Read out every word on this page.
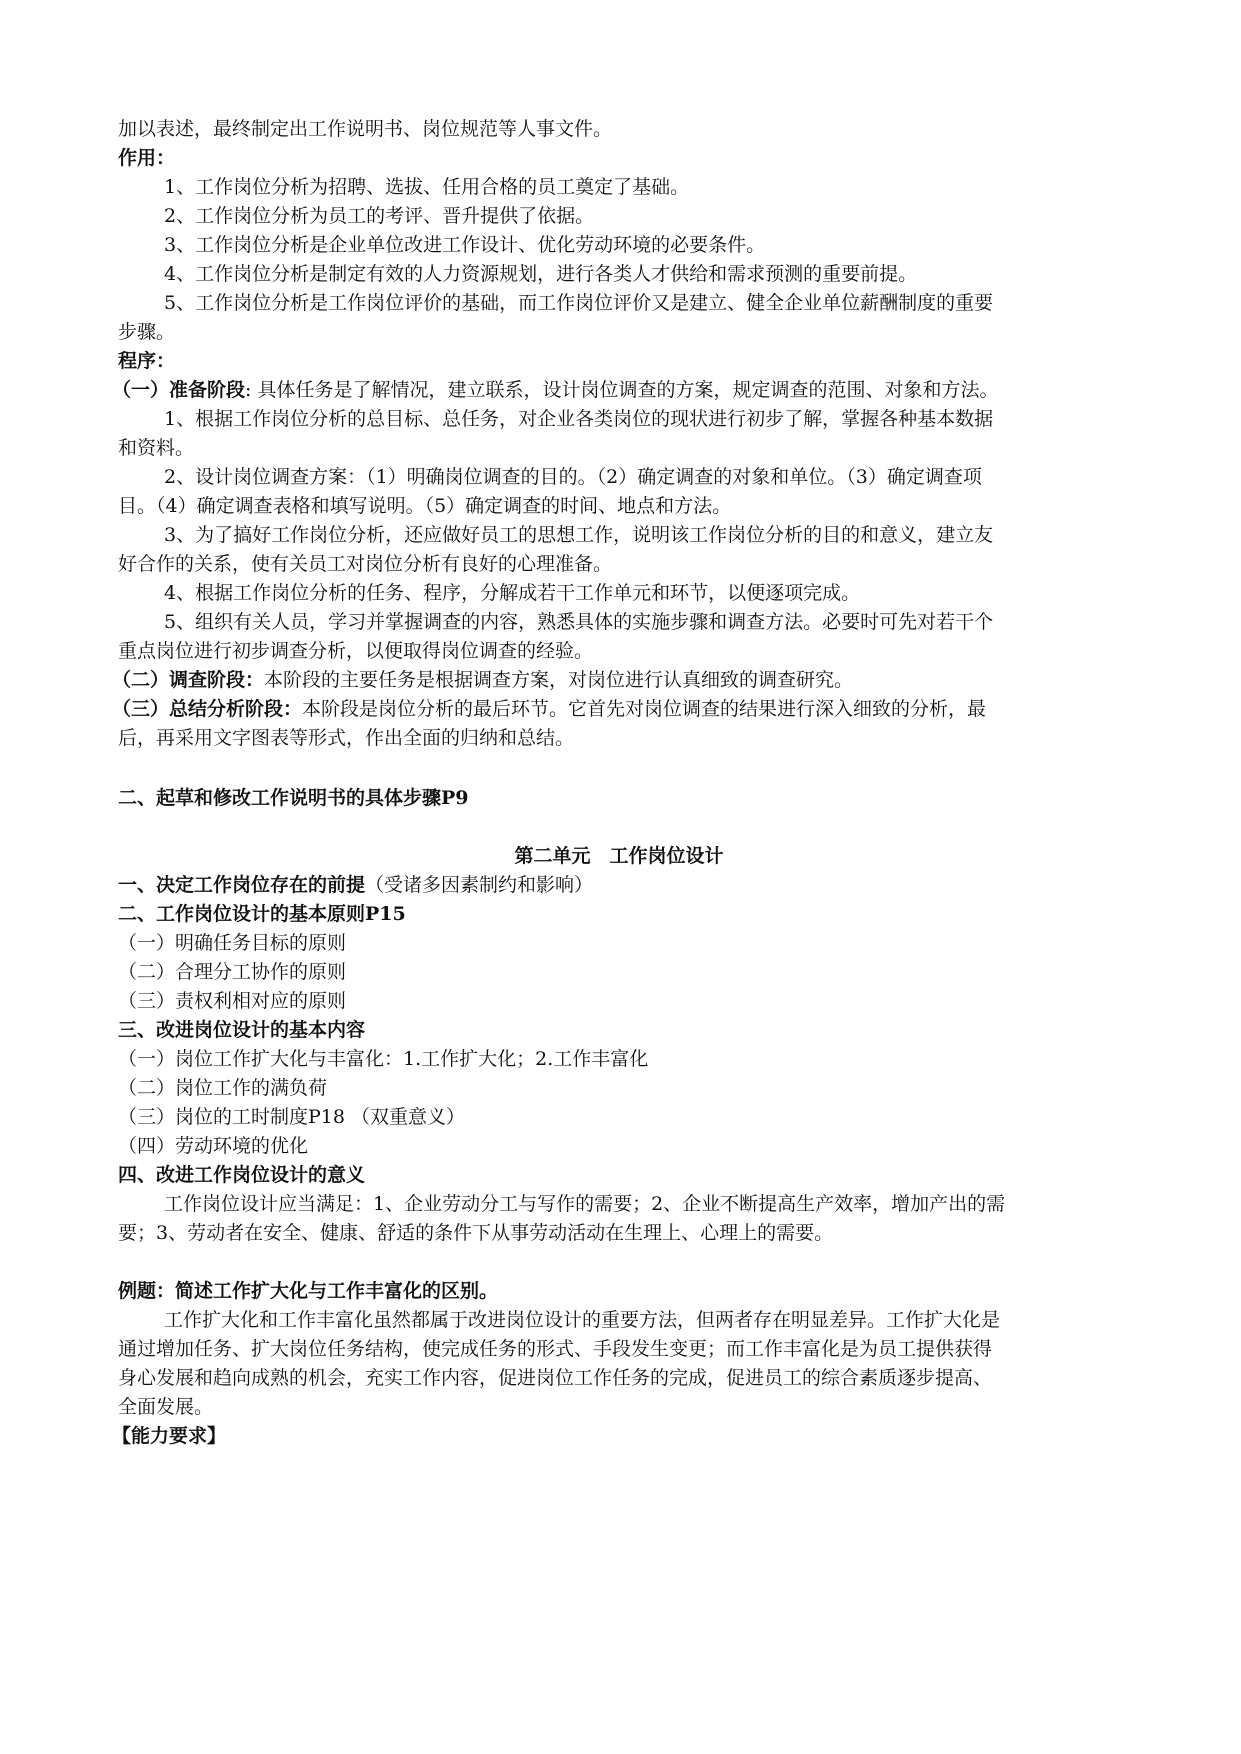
加以表述，最终制定出工作说明书、岗位规范等人事文件。
作用：
1、工作岗位分析为招聘、选拔、任用合格的员工奠定了基础。
2、工作岗位分析为员工的考评、晋升提供了依据。
3、工作岗位分析是企业单位改进工作设计、优化劳动环境的必要条件。
4、工作岗位分析是制定有效的人力资源规划，进行各类人才供给和需求预测的重要前提。
5、工作岗位分析是工作岗位评价的基础，而工作岗位评价又是建立、健全企业单位薪酬制度的重要
步骤。
程序：
（一）准备阶段: 具体任务是了解情况，建立联系，设计岗位调查的方案，规定调查的范围、对象和方法。
1、根据工作岗位分析的总目标、总任务，对企业各类岗位的现状进行初步了解，掌握各种基本数据
和资料。
2、设计岗位调查方案：（1）明确岗位调查的目的。（2）确定调查的对象和单位。（3）确定调查项
目。（4）确定调查表格和填写说明。（5）确定调查的时间、地点和方法。
3、为了搞好工作岗位分析，还应做好员工的思想工作，说明该工作岗位分析的目的和意义，建立友
好合作的关系，使有关员工对岗位分析有良好的心理准备。
4、根据工作岗位分析的任务、程序，分解成若干工作单元和环节，以便逐项完成。
5、组织有关人员，学习并掌握调查的内容，熟悉具体的实施步骤和调查方法。必要时可先对若干个
重点岗位进行初步调查分析，以便取得岗位调查的经验。
（二）调查阶段：本阶段的主要任务是根据调查方案，对岗位进行认真细致的调查研究。
（三）总结分析阶段：本阶段是岗位分析的最后环节。它首先对岗位调查的结果进行深入细致的分析，最
后，再采用文字图表等形式，作出全面的归纳和总结。
二、起草和修改工作说明书的具体步骤P9
第二单元　工作岗位设计
一、决定工作岗位存在的前提（受诸多因素制约和影响）
二、工作岗位设计的基本原则P15
（一）明确任务目标的原则
（二）合理分工协作的原则
（三）责权利相对应的原则
三、改进岗位设计的基本内容
（一）岗位工作扩大化与丰富化：1.工作扩大化；2.工作丰富化
（二）岗位工作的满负荷
（三）岗位的工时制度P18 （双重意义）
（四）劳动环境的优化
四、改进工作岗位设计的意义
工作岗位设计应当满足：1、企业劳动分工与写作的需要；2、企业不断提高生产效率，增加产出的需
要；3、劳动者在安全、健康、舒适的条件下从事劳动活动在生理上、心理上的需要。
例题：简述工作扩大化与工作丰富化的区别。
工作扩大化和工作丰富化虽然都属于改进岗位设计的重要方法，但两者存在明显差异。工作扩大化是
通过增加任务、扩大岗位任务结构，使完成任务的形式、手段发生变更；而工作丰富化是为员工提供获得
身心发展和趋向成熟的机会，充实工作内容，促进岗位工作任务的完成，促进员工的综合素质逐步提高、
全面发展。
【能力要求】
